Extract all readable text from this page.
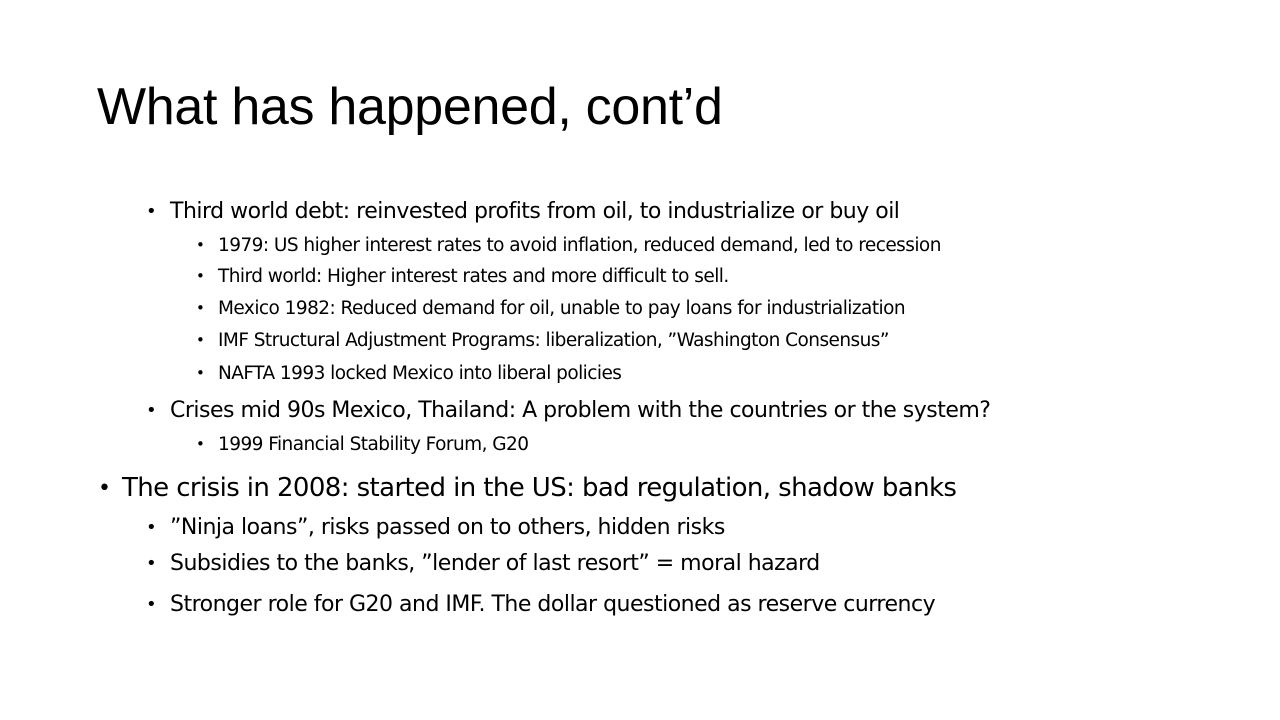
What has happened, cont’d
• Third world debt: reinvested profits from oil, to industrialize or buy oil
• 1979: US higher interest rates to avoid inflation, reduced demand, led to recession
• Third world: Higher interest rates and more difficult to sell.
• Mexico 1982: Reduced demand for oil, unable to pay loans for industrialization
• IMF Structural Adjustment Programs: liberalization, ”Washington Consensus”
• NAFTA 1993 locked Mexico into liberal policies
• Crises mid 90s Mexico, Thailand: A problem with the countries or the system?
• 1999 Financial Stability Forum, G20
• The crisis in 2008: started in the US: bad regulation, shadow banks
• ”Ninja loans”, risks passed on to others, hidden risks
• Subsidies to the banks, ”lender of last resort” = moral hazard
• Stronger role for G20 and IMF. The dollar questioned as reserve currency
